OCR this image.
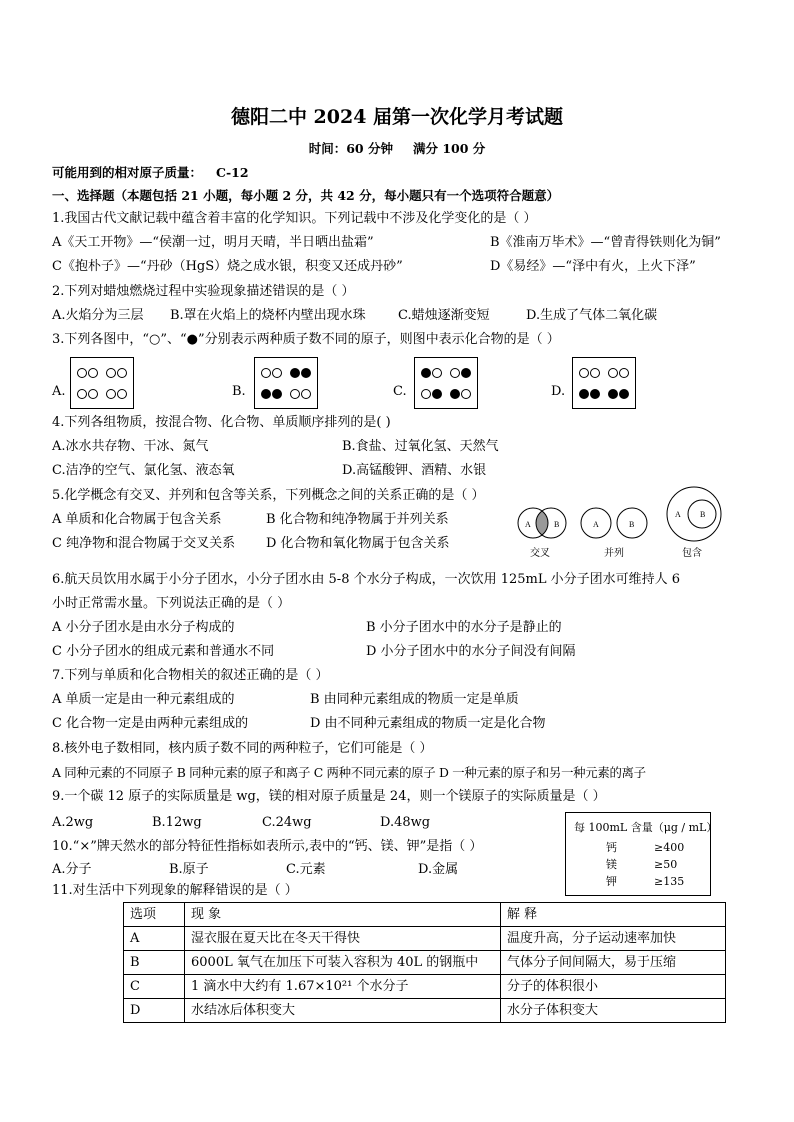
德阳二中 2024 届第一次化学月考试题
时间：60 分钟 满分 100 分
可能用到的相对原子质量： C-12
一、选择题（本题包括 21 小题，每小题 2 分，共 42 分，每小题只有一个选项符合题意）
1.我国古代文献记载中蕴含着丰富的化学知识。下列记载中不涉及化学变化的是（ ）
A《天工开物》—“侯潮一过，明月天晴，半日晒出盐霜”	B《淮南万毕术》—“曾青得铁则化为铜”
C《抱朴子》—“丹砂（HgS）烧之成水银，积变又还成丹砂”	D《易经》—“泽中有火，上火下泽”
2.下列对蜡烛燃烧过程中实验现象描述错误的是（ ）
A.火焰分为三层 B.罩在火焰上的烧杯内壁出现水珠 C.蜡烛逐渐变短	D.生成了气体二氧化碳
3.下列各图中，“○”、“●”分别表示两种质子数不同的原子，则图中表示化合物的是（ ）
A.	B.	C.	D.
4.下列各组物质，按混合物、化合物、单质顺序排列的是( )
A.冰水共存物、干冰、氮气	B.食盐、过氧化氢、天然气
C.洁净的空气、氯化氢、液态氧	D.高锰酸钾、酒精、水银
5.化学概念有交叉、并列和包含等关系，下列概念之间的关系正确的是（ ）
A 单质和化合物属于包含关系	B 化合物和纯净物属于并列关系
C 纯净物和混合物属于交叉关系 D 化合物和氧化物属于包含关系
A	B
交叉
A	B
并列
A B
包含
6.航天员饮用水属于小分子团水，小分子团水由 5-8 个水分子构成，一次饮用 125mL 小分子团水可维持人 6
小时正常需水量。下列说法正确的是（ ）
A 小分子团水是由水分子构成的	B 小分子团水中的水分子是静止的
C 小分子团水的组成元素和普通水不同	D 小分子团水中的水分子间没有间隔
7.下列与单质和化合物相关的叙述正确的是（ ）
A 单质一定是由一种元素组成的	B 由同种元素组成的物质一定是单质
C 化合物一定是由两种元素组成的	D 由不同种元素组成的物质一定是化合物
8.核外电子数相同，核内质子数不同的两种粒子，它们可能是（ ）
A 同种元素的不同原子 B 同种元素的原子和离子 C 两种不同元素的原子 D 一种元素的原子和另一种元素的离子
9.一个碳 12 原子的实际质量是 wg，镁的相对原子质量是 24，则一个镁原子的实际质量是（ ）
A.2wg	B.12wg	C.24wg	D.48wg
10.“×”牌天然水的部分特征性指标如表所示,表中的“钙、镁、钾”是指（ ）
A.分子	B.原子	C.元素	D.金属
每 100mL 含量（μg / mL）
钙	≥400
镁	≥50
钾	≥135
11.对生活中下列现象的解释错误的是（ ）
选项	现 象	解 释
A	湿衣服在夏天比在冬天干得快	温度升高，分子运动速率加快
B	6000L 氧气在加压下可装入容积为 40L 的钢瓶中	气体分子间间隔大，易于压缩
C	1 滴水中大约有 1.67×10²¹ 个水分子	分子的体积很小
D	水结冰后体积变大	水分子体积变大
